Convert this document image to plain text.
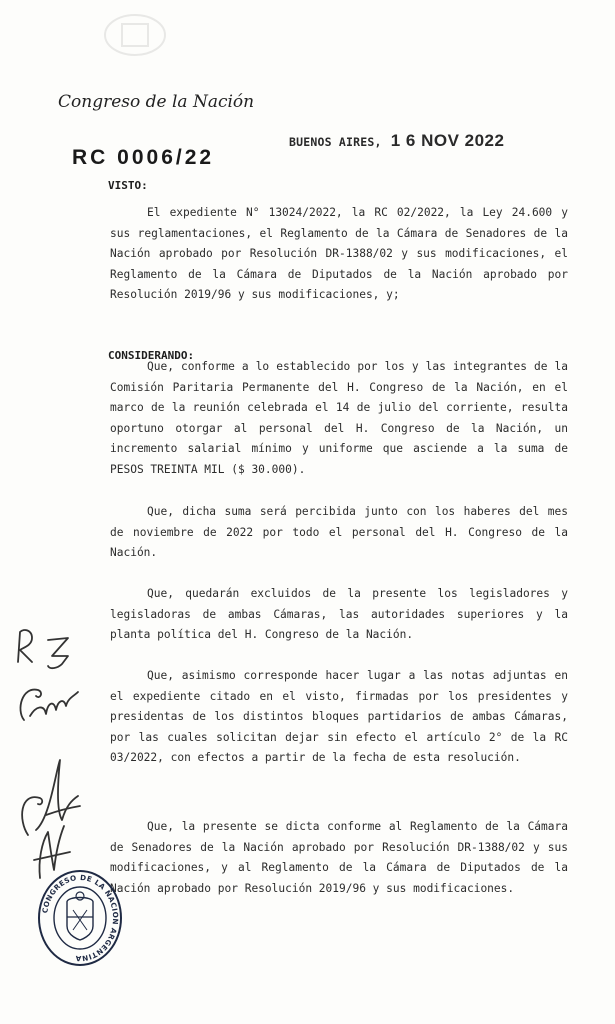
Congreso de la Nación
BUENOS AIRES, 1 6 NOV 2022
RC 0006/22
VISTO:
El expediente N° 13024/2022, la RC 02/2022, la Ley 24.600 y sus reglamentaciones, el Reglamento de la Cámara de Senadores de la Nación aprobado por Resolución DR-1388/02 y sus modificaciones, el Reglamento de la Cámara de Diputados de la Nación aprobado por Resolución 2019/96 y sus modificaciones, y;
CONSIDERANDO:
Que, conforme a lo establecido por los y las integrantes de la Comisión Paritaria Permanente del H. Congreso de la Nación, en el marco de la reunión celebrada el 14 de julio del corriente, resulta oportuno otorgar al personal del H. Congreso de la Nación, un incremento salarial mínimo y uniforme que asciende a la suma de PESOS TREINTA MIL ($ 30.000).
Que, dicha suma será percibida junto con los haberes del mes de noviembre de 2022 por todo el personal del H. Congreso de la Nación.
Que, quedarán excluidos de la presente los legisladores y legisladoras de ambas Cámaras, las autoridades superiores y la planta política del H. Congreso de la Nación.
Que, asimismo corresponde hacer lugar a las notas adjuntas en el expediente citado en el visto, firmadas por los presidentes y presidentas de los distintos bloques partidarios de ambas Cámaras, por las cuales solicitan dejar sin efecto el artículo 2° de la RC 03/2022, con efectos a partir de la fecha de esta resolución.
Que, la presente se dicta conforme al Reglamento de la Cámara de Senadores de la Nación aprobado por Resolución DR-1388/02 y sus modificaciones, y al Reglamento de la Cámara de Diputados de la Nación aprobado por Resolución 2019/96 y sus modificaciones.
CONGRESO DE LA NACION ARGENTINA
